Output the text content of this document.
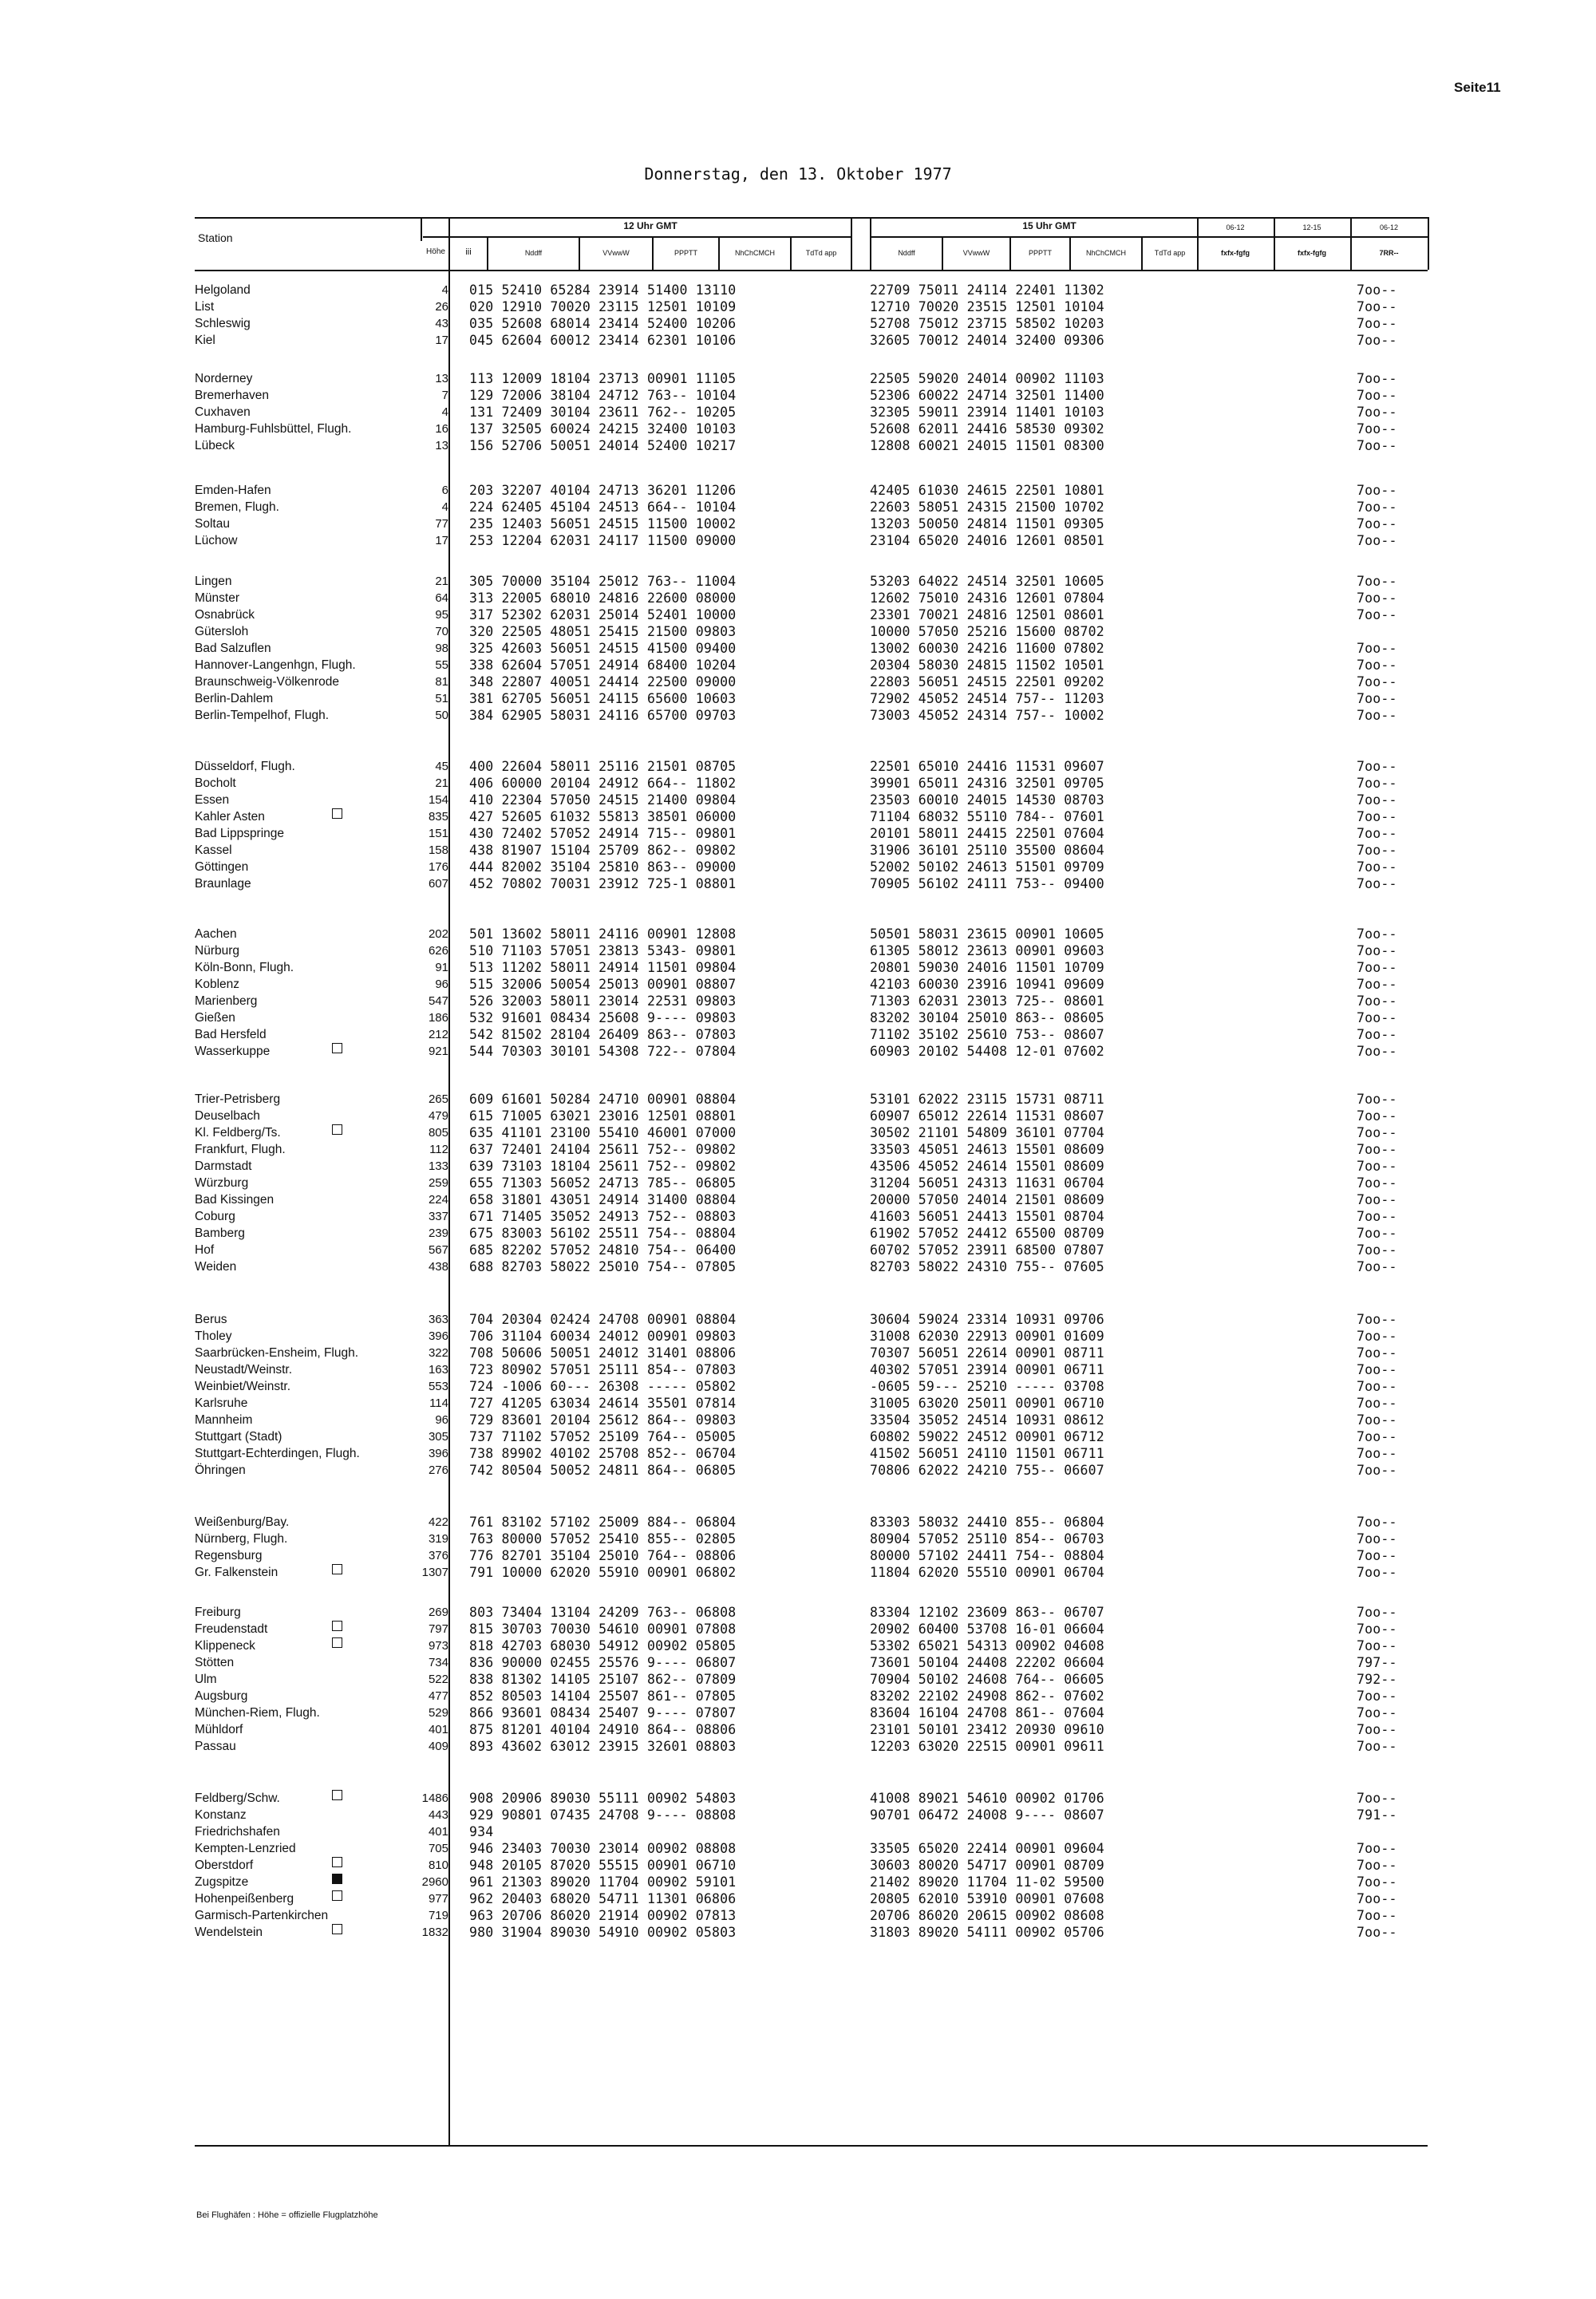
Seite11
Donnerstag, den 13. Oktober 1977
Station
Höhe	iii
12 Uhr GMT	15 Uhr GMT
Nddff	VVwwW	PPPTT	NhChCMCH	TdTd app	Nddff	VVwwW	PPPTT	NhChCMCH	TdTd app
06-12	12-15	06-12
fxfx-fgfg	fxfx-fgfg	7RR--
Helgoland	4 015 52410 65284 23914 51400 13110	22709 75011 24114 22401 11302	7oo--
List	26 020 12910 70020 23115 12501 10109	12710 70020 23515 12501 10104	7oo--
Schleswig	43 035 52608 68014 23414 52400 10206	52708 75012 23715 58502 10203	7oo--
Kiel	17 045 62604 60012 23414 62301 10106	32605 70012 24014 32400 09306	7oo--
Norderney	13 113 12009 18104 23713 00901 11105	22505 59020 24014 00902 11103	7oo--
Bremerhaven	7 129 72006 38104 24712 763-- 10104	52306 60022 24714 32501 11400	7oo--
Cuxhaven	4 131 72409 30104 23611 762-- 10205	32305 59011 23914 11401 10103	7oo--
Hamburg-Fuhlsbüttel, Flugh.	16 137 32505 60024 24215 32400 10103	52608 62011 24416 58530 09302	7oo--
Lübeck	13 156 52706 50051 24014 52400 10217	12808 60021 24015 11501 08300	7oo--
Emden-Hafen	6 203 32207 40104 24713 36201 11206	42405 61030 24615 22501 10801	7oo--
Bremen, Flugh.	4 224 62405 45104 24513 664-- 10104	22603 58051 24315 21500 10702	7oo--
Soltau	77 235 12403 56051 24515 11500 10002	13203 50050 24814 11501 09305	7oo--
Lüchow	17 253 12204 62031 24117 11500 09000	23104 65020 24016 12601 08501	7oo--
Lingen	21 305 70000 35104 25012 763-- 11004	53203 64022 24514 32501 10605	7oo--
Münster	64 313 22005 68010 24816 22600 08000	12602 75010 24316 12601 07804	7oo--
Osnabrück	95 317 52302 62031 25014 52401 10000	23301 70021 24816 12501 08601	7oo--
Gütersloh	70 320 22505 48051 25415 21500 09803	10000 57050 25216 15600 08702
Bad Salzuflen	98 325 42603 56051 24515 41500 09400	13002 60030 24216 11600 07802	7oo--
Hannover-Langenhgn, Flugh.	55 338 62604 57051 24914 68400 10204	20304 58030 24815 11502 10501	7oo--
Braunschweig-Völkenrode	81 348 22807 40051 24414 22500 09000	22803 56051 24515 22501 09202	7oo--
Berlin-Dahlem	51 381 62705 56051 24115 65600 10603	72902 45052 24514 757-- 11203	7oo--
Berlin-Tempelhof, Flugh.	50 384 62905 58031 24116 65700 09703	73003 45052 24314 757-- 10002	7oo--
Düsseldorf, Flugh.	45 400 22604 58011 25116 21501 08705	22501 65010 24416 11531 09607	7oo--
Bocholt	21 406 60000 20104 24912 664-- 11802	39901 65011 24316 32501 09705	7oo--
Essen	154 410 22304 57050 24515 21400 09804	23503 60010 24015 14530 08703	7oo--
Kahler Asten	835 427 52605 61032 55813 38501 06000	71104 68032 55110 784-- 07601	7oo--
Bad Lippspringe	151 430 72402 57052 24914 715-- 09801	20101 58011 24415 22501 07604	7oo--
Kassel	158 438 81907 15104 25709 862-- 09802	31906 36101 25110 35500 08604	7oo--
Göttingen	176 444 82002 35104 25810 863-- 09000	52002 50102 24613 51501 09709	7oo--
Braunlage	607 452 70802 70031 23912 725-1 08801	70905 56102 24111 753-- 09400	7oo--
Aachen	202 501 13602 58011 24116 00901 12808	50501 58031 23615 00901 10605	7oo--
Nürburg	626 510 71103 57051 23813 5343- 09801	61305 58012 23613 00901 09603	7oo--
Köln-Bonn, Flugh.	91 513 11202 58011 24914 11501 09804	20801 59030 24016 11501 10709	7oo--
Koblenz	96 515 32006 50054 25013 00901 08807	42103 60030 23916 10941 09609	7oo--
Marienberg	547 526 32003 58011 23014 22531 09803	71303 62031 23013 725-- 08601	7oo--
Gießen	186 532 91601 08434 25608 9---- 09803	83202 30104 25010 863-- 08605	7oo--
Bad Hersfeld	212 542 81502 28104 26409 863-- 07803	71102 35102 25610 753-- 08607	7oo--
Wasserkuppe	921 544 70303 30101 54308 722-- 07804	60903 20102 54408 12-01 07602	7oo--
Trier-Petrisberg	265 609 61601 50284 24710 00901 08804	53101 62022 23115 15731 08711	7oo--
Deuselbach	479 615 71005 63021 23016 12501 08801	60907 65012 22614 11531 08607	7oo--
Kl. Feldberg/Ts.	805 635 41101 23100 55410 46001 07000	30502 21101 54809 36101 07704	7oo--
Frankfurt, Flugh.	112 637 72401 24104 25611 752-- 09802	33503 45051 24613 15501 08609	7oo--
Darmstadt	133 639 73103 18104 25611 752-- 09802	43506 45052 24614 15501 08609	7oo--
Würzburg	259 655 71303 56052 24713 785-- 06805	31204 56051 24313 11631 06704	7oo--
Bad Kissingen	224 658 31801 43051 24914 31400 08804	20000 57050 24014 21501 08609	7oo--
Coburg	337 671 71405 35052 24913 752-- 08803	41603 56051 24413 15501 08704	7oo--
Bamberg	239 675 83003 56102 25511 754-- 08804	61902 57052 24412 65500 08709	7oo--
Hof	567 685 82202 57052 24810 754-- 06400	60702 57052 23911 68500 07807	7oo--
Weiden	438 688 82703 58022 25010 754-- 07805	82703 58022 24310 755-- 07605	7oo--
Berus	363 704 20304 02424 24708 00901 08804	30604 59024 23314 10931 09706	7oo--
Tholey	396 706 31104 60034 24012 00901 09803	31008 62030 22913 00901 01609	7oo--
Saarbrücken-Ensheim, Flugh.	322 708 50606 50051 24012 31401 08806	70307 56051 22614 00901 08711	7oo--
Neustadt/Weinstr.	163 723 80902 57051 25111 854-- 07803	40302 57051 23914 00901 06711	7oo--
Weinbiet/Weinstr.	553 724 -1006 60--- 26308 ----- 05802	-0605 59--- 25210 ----- 03708	7oo--
Karlsruhe	114 727 41205 63034 24614 35501 07814	31005 63020 25011 00901 06710	7oo--
Mannheim	96 729 83601 20104 25612 864-- 09803	33504 35052 24514 10931 08612	7oo--
Stuttgart (Stadt)	305 737 71102 57052 25109 764-- 05005	60802 59022 24512 00901 06712	7oo--
Stuttgart-Echterdingen, Flugh.	396 738 89902 40102 25708 852-- 06704	41502 56051 24110 11501 06711	7oo--
Öhringen	276 742 80504 50052 24811 864-- 06805	70806 62022 24210 755-- 06607	7oo--
Weißenburg/Bay.	422 761 83102 57102 25009 884-- 06804	83303 58032 24410 855-- 06804	7oo--
Nürnberg, Flugh.	319 763 80000 57052 25410 855-- 02805	80904 57052 25110 854-- 06703	7oo--
Regensburg	376 776 82701 35104 25010 764-- 08806	80000 57102 24411 754-- 08804	7oo--
Gr. Falkenstein	1307 791 10000 62020 55910 00901 06802	11804 62020 55510 00901 06704	7oo--
Freiburg	269 803 73404 13104 24209 763-- 06808	83304 12102 23609 863-- 06707	7oo--
Freudenstadt	797 815 30703 70030 54610 00901 07808	20902 60400 53708 16-01 06604	7oo--
Klippeneck	973 818 42703 68030 54912 00902 05805	53302 65021 54313 00902 04608	7oo--
Stötten	734 836 90000 02455 25576 9---- 06807	73601 50104 24408 22202 06604	797--
Ulm	522 838 81302 14105 25107 862-- 07809	70904 50102 24608 764-- 06605	792--
Augsburg	477 852 80503 14104 25507 861-- 07805	83202 22102 24908 862-- 07602	7oo--
München-Riem, Flugh.	529 866 93601 08434 25407 9---- 07807	83604 16104 24708 861-- 07604	7oo--
Mühldorf	401 875 81201 40104 24910 864-- 08806	23101 50101 23412 20930 09610	7oo--
Passau	409 893 43602 63012 23915 32601 08803	12203 63020 22515 00901 09611	7oo--
Feldberg/Schw.	1486 908 20906 89030 55111 00902 54803	41008 89021 54610 00902 01706	7oo--
Konstanz	443 929 90801 07435 24708 9---- 08808	90701 06472 24008 9---- 08607	791--
Friedrichshafen	401 934
Kempten-Lenzried	705 946 23403 70030 23014 00902 08808	33505 65020 22414 00901 09604	7oo--
Oberstdorf	810 948 20105 87020 55515 00901 06710	30603 80020 54717 00901 08709	7oo--
Zugspitze	2960 961 21303 89020 11704 00902 59101	21402 89020 11704 11-02 59500	7oo--
Hohenpeißenberg	977 962 20403 68020 54711 11301 06806	20805 62010 53910 00901 07608	7oo--
Garmisch-Partenkirchen	719 963 20706 86020 21914 00902 07813	20706 86020 20615 00902 08608	7oo--
Wendelstein	1832 980 31904 89030 54910 00902 05803	31803 89020 54111 00902 05706	7oo--
Bei Flughäfen : Höhe = offizielle Flugplatzhöhe
